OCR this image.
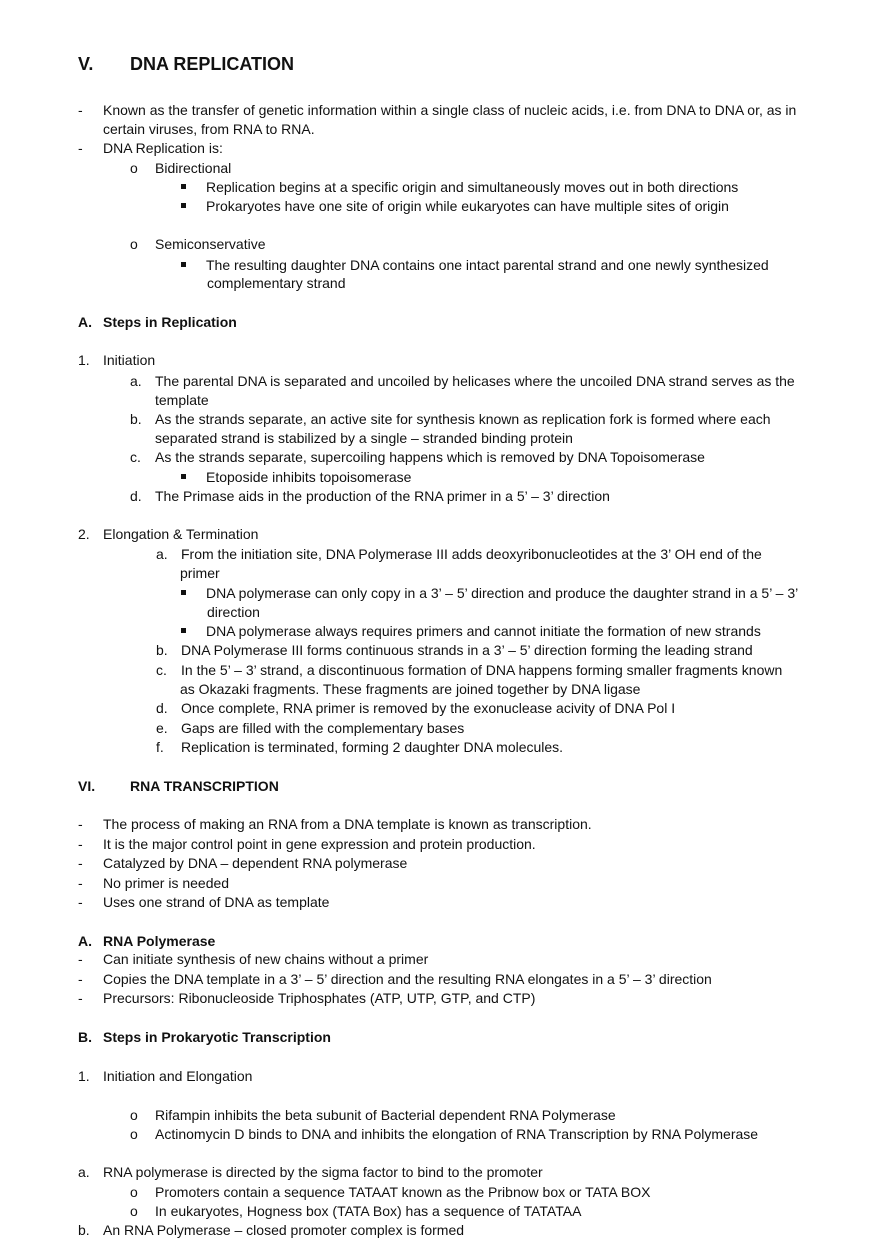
V. DNA REPLICATION
- Known as the transfer of genetic information within a single class of nucleic acids, i.e. from DNA to DNA or, as in
certain viruses, from RNA to RNA.
- DNA Replication is:
o Bidirectional
Replication begins at a specific origin and simultaneously moves out in both directions
Prokaryotes have one site of origin while eukaryotes can have multiple sites of origin
o Semiconservative
The resulting daughter DNA contains one intact parental strand and one newly synthesized
complementary strand
A. Steps in Replication
1. Initiation
a. The parental DNA is separated and uncoiled by helicases where the uncoiled DNA strand serves as the
template
b. As the strands separate, an active site for synthesis known as replication fork is formed where each
separated strand is stabilized by a single – stranded binding protein
c. As the strands separate, supercoiling happens which is removed by DNA Topoisomerase
Etoposide inhibits topoisomerase
d. The Primase aids in the production of the RNA primer in a 5’ – 3’ direction
2. Elongation & Termination
a. From the initiation site, DNA Polymerase III adds deoxyribonucleotides at the 3’ OH end of the
primer
DNA polymerase can only copy in a 3’ – 5’ direction and produce the daughter strand in a 5’ – 3’
direction
DNA polymerase always requires primers and cannot initiate the formation of new strands
b. DNA Polymerase III forms continuous strands in a 3’ – 5’ direction forming the leading strand
c. In the 5’ – 3’ strand, a discontinuous formation of DNA happens forming smaller fragments known
as Okazaki fragments. These fragments are joined together by DNA ligase
d. Once complete, RNA primer is removed by the exonuclease acivity of DNA Pol I
e. Gaps are filled with the complementary bases
f. Replication is terminated, forming 2 daughter DNA molecules.
VI. RNA TRANSCRIPTION
- The process of making an RNA from a DNA template is known as transcription.
- It is the major control point in gene expression and protein production.
- Catalyzed by DNA – dependent RNA polymerase
- No primer is needed
- Uses one strand of DNA as template
A. RNA Polymerase
- Can initiate synthesis of new chains without a primer
- Copies the DNA template in a 3’ – 5’ direction and the resulting RNA elongates in a 5’ – 3’ direction
- Precursors: Ribonucleoside Triphosphates (ATP, UTP, GTP, and CTP)
B. Steps in Prokaryotic Transcription
1. Initiation and Elongation
o Rifampin inhibits the beta subunit of Bacterial dependent RNA Polymerase
o Actinomycin D binds to DNA and inhibits the elongation of RNA Transcription by RNA Polymerase
a. RNA polymerase is directed by the sigma factor to bind to the promoter
o Promoters contain a sequence TATAAT known as the Pribnow box or TATA BOX
o In eukaryotes, Hogness box (TATA Box) has a sequence of TATATAA
b. An RNA Polymerase – closed promoter complex is formed
